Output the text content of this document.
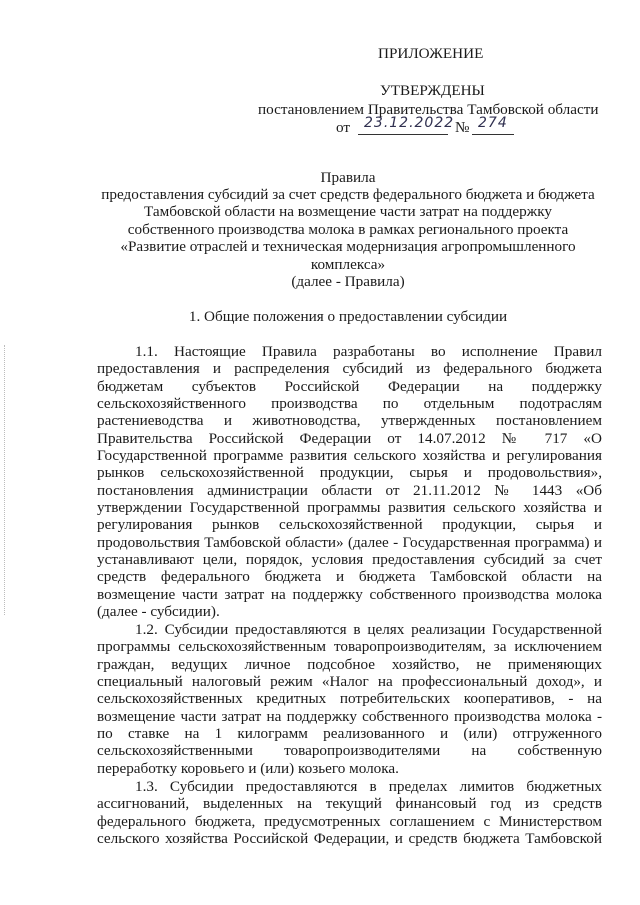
ПРИЛОЖЕНИЕ
УТВЕРЖДЕНЫ
постановлением Правительства Тамбовской области
от 23.12.2022 № 274
Правила
предоставления субсидий за счет средств федерального бюджета и бюджета
Тамбовской области на возмещение части затрат на поддержку
собственного производства молока в рамках регионального проекта
«Развитие отраслей и техническая модернизация агропромышленного
комплекса»
(далее - Правила)
1. Общие положения о предоставлении субсидии
1.1. Настоящие Правила разработаны во исполнение Правил
предоставления и распределения субсидий из федерального бюджета
бюджетам субъектов Российской Федерации на поддержку
сельскохозяйственного производства по отдельным подотраслям
растениеводства и животноводства, утвержденных постановлением
Правительства Российской Федерации от 14.07.2012 № 717 «О
Государственной программе развития сельского хозяйства и регулирования
рынков сельскохозяйственной продукции, сырья и продовольствия»,
постановления администрации области от 21.11.2012 № 1443 «Об
утверждении Государственной программы развития сельского хозяйства и
регулирования рынков сельскохозяйственной продукции, сырья и
продовольствия Тамбовской области» (далее - Государственная программа) и
устанавливают цели, порядок, условия предоставления субсидий за счет
средств федерального бюджета и бюджета Тамбовской области на
возмещение части затрат на поддержку собственного производства молока
(далее - субсидии).
1.2. Субсидии предоставляются в целях реализации Государственной
программы сельскохозяйственным товаропроизводителям, за исключением
граждан, ведущих личное подсобное хозяйство, не применяющих
специальный налоговый режим «Налог на профессиональный доход», и
сельскохозяйственных кредитных потребительских кооперативов, - на
возмещение части затрат на поддержку собственного производства молока -
по ставке на 1 килограмм реализованного и (или) отгруженного
сельскохозяйственными товаропроизводителями на собственную
переработку коровьего и (или) козьего молока.
1.3. Субсидии предоставляются в пределах лимитов бюджетных
ассигнований, выделенных на текущий финансовый год из средств
федерального бюджета, предусмотренных соглашением с Министерством
сельского хозяйства Российской Федерации, и средств бюджета Тамбовской
